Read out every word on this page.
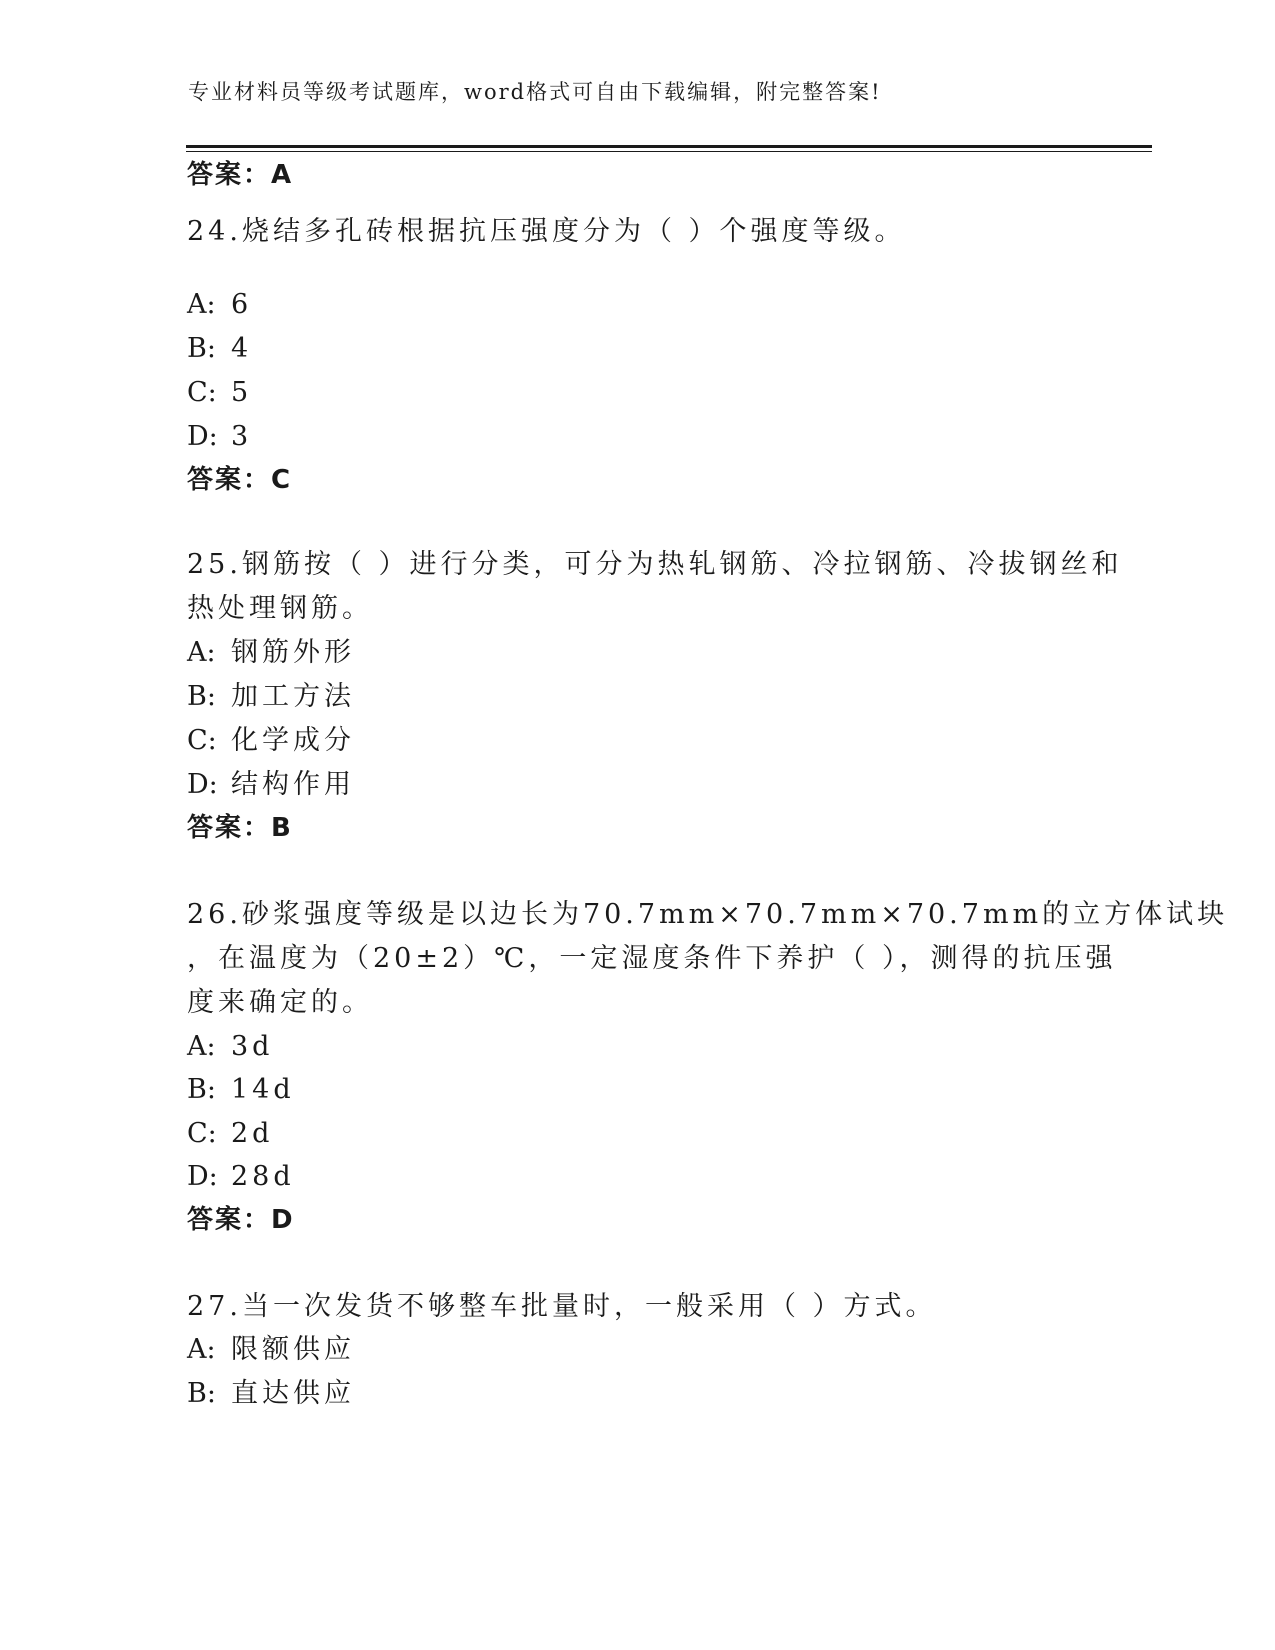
专业材料员等级考试题库，word格式可自由下载编辑，附完整答案!
答案：A
24.烧结多孔砖根据抗压强度分为（ ）个强度等级。
A: 6
B: 4
C: 5
D: 3
答案：C
25.钢筋按（ ）进行分类，可分为热轧钢筋、冷拉钢筋、冷拔钢丝和
热处理钢筋。
A: 钢筋外形
B: 加工方法
C: 化学成分
D: 结构作用
答案：B
26.砂浆强度等级是以边长为70.7mm×70.7mm×70.7mm的立方体试块
，在温度为（20±2）℃，一定湿度条件下养护（ ），测得的抗压强
度来确定的。
A: 3d
B: 14d
C: 2d
D: 28d
答案：D
27.当一次发货不够整车批量时，一般采用（ ）方式。
A: 限额供应
B: 直达供应
